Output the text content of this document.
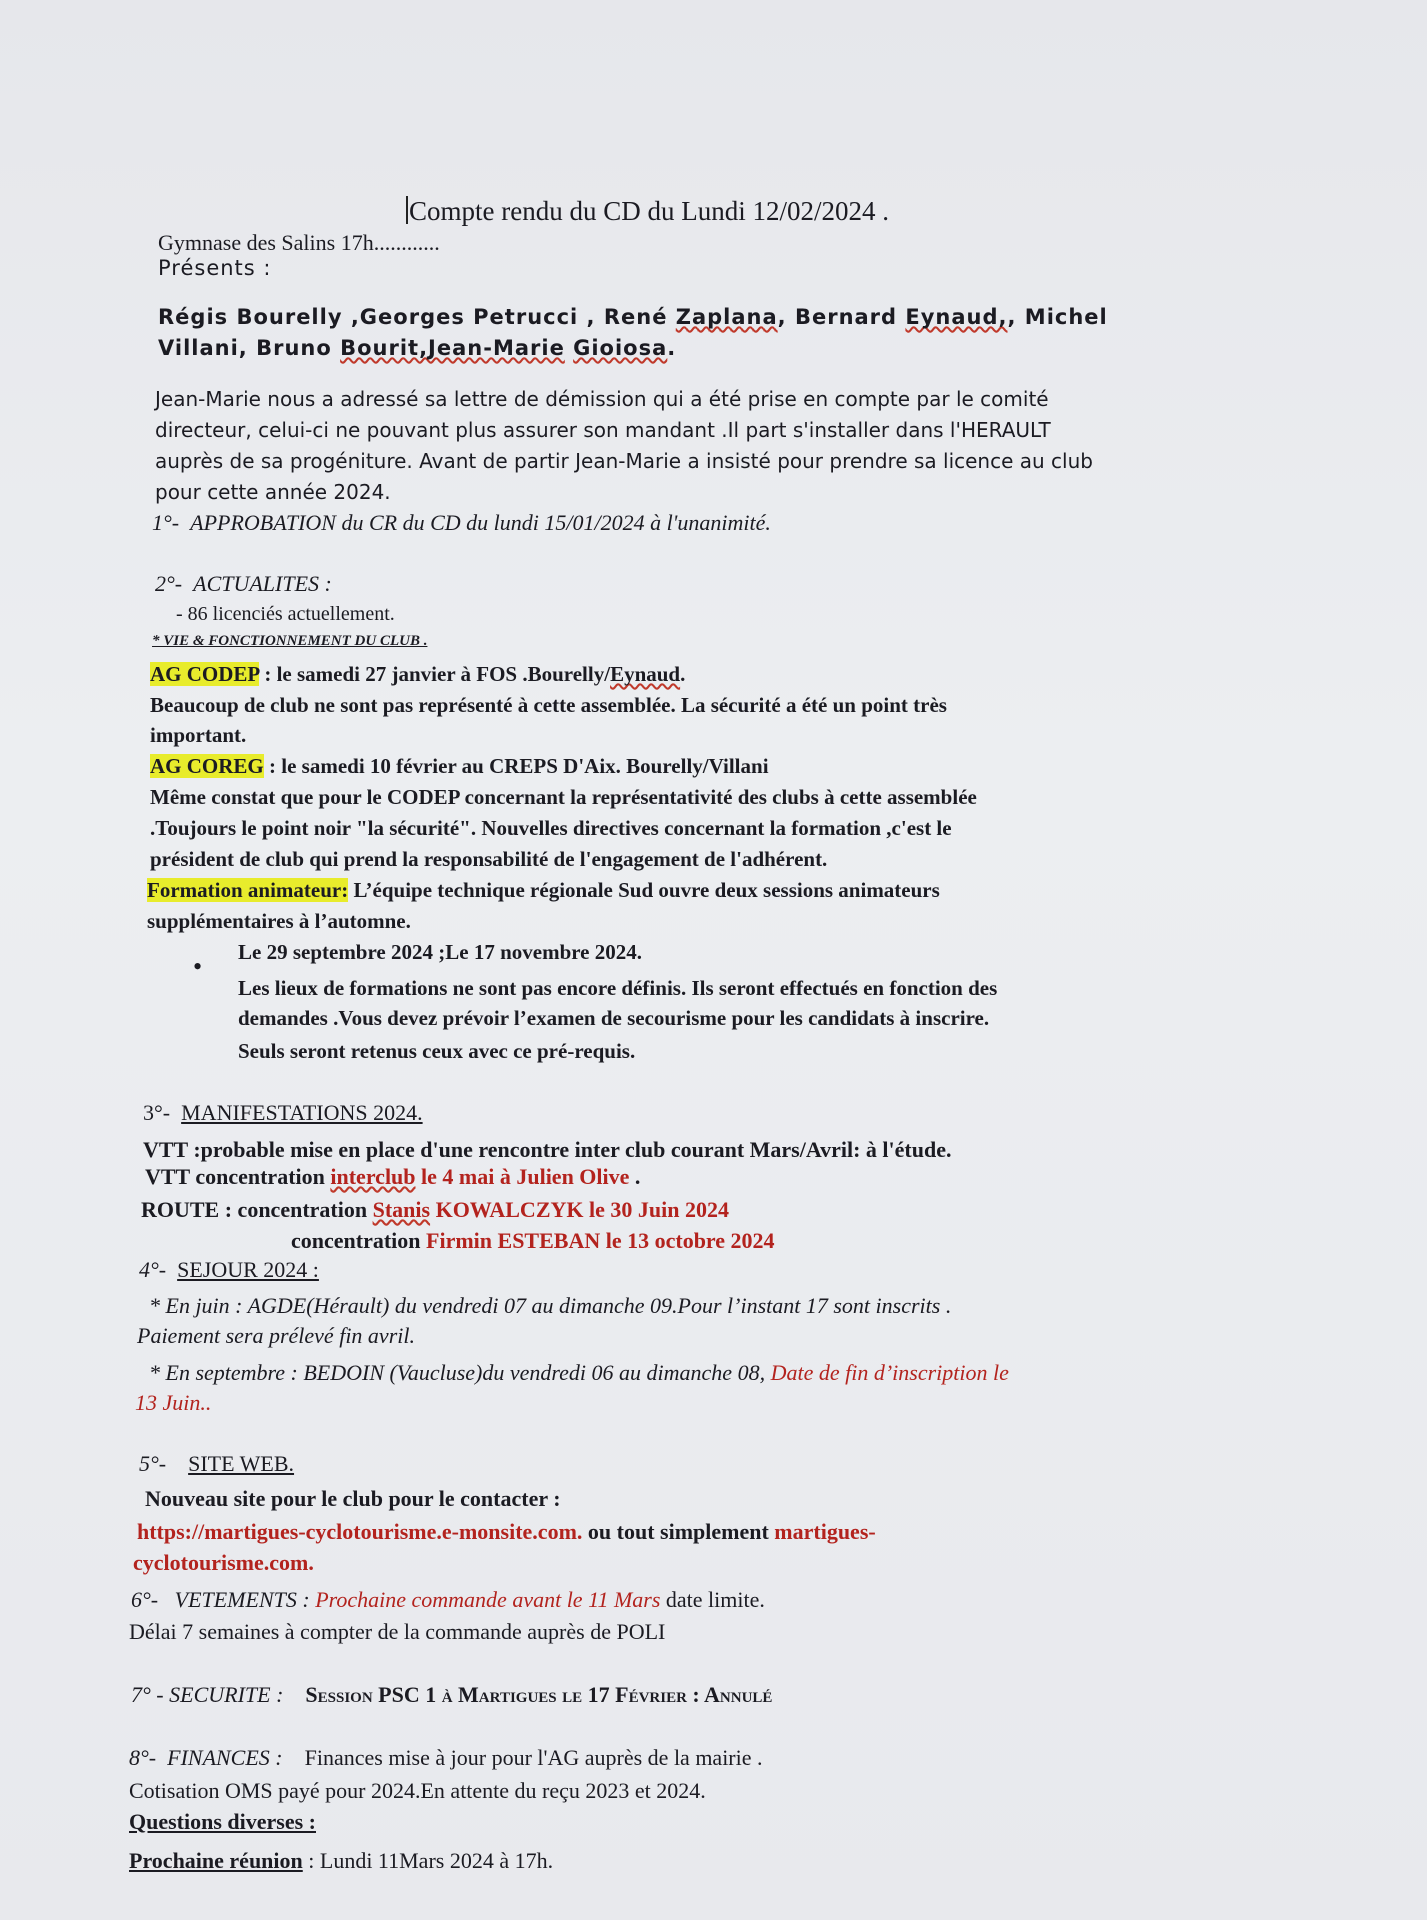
Compte rendu du CD du Lundi 12/02/2024 .
Gymnase des Salins 17h............
Présents :
Régis Bourelly ,Georges Petrucci , René Zaplana, Bernard Eynaud,, Michel
Villani, Bruno Bourit,Jean-Marie Gioiosa.
Jean-Marie nous a adressé sa lettre de démission qui a été prise en compte par le comité
directeur, celui-ci ne pouvant plus assurer son mandant .Il part s'installer dans l'HERAULT
auprès de sa progéniture. Avant de partir Jean-Marie a insisté pour prendre sa licence au club
pour cette année 2024.
1°- APPROBATION du CR du CD du lundi 15/01/2024 à l'unanimité.
2°- ACTUALITES :
- 86 licenciés actuellement.
* VIE & FONCTIONNEMENT DU CLUB .
AG CODEP : le samedi 27 janvier à FOS .Bourelly/Eynaud.
Beaucoup de club ne sont pas représenté à cette assemblée. La sécurité a été un point très
important.
AG COREG : le samedi 10 février au CREPS D'Aix. Bourelly/Villani
Même constat que pour le CODEP concernant la représentativité des clubs à cette assemblée
.Toujours le point noir "la sécurité". Nouvelles directives concernant la formation ,c'est le
président de club qui prend la responsabilité de l'engagement de l'adhérent.
Formation animateur: L’équipe technique régionale Sud ouvre deux sessions animateurs
supplémentaires à l’automne.
• Le 29 septembre 2024 ;Le 17 novembre 2024.
Les lieux de formations ne sont pas encore définis. Ils seront effectués en fonction des
demandes .Vous devez prévoir l’examen de secourisme pour les candidats à inscrire.
Seuls seront retenus ceux avec ce pré-requis.
3°- MANIFESTATIONS 2024.
VTT :probable mise en place d'une rencontre inter club courant Mars/Avril: à l'étude.
VTT concentration interclub le 4 mai à Julien Olive .
ROUTE : concentration Stanis KOWALCZYK le 30 Juin 2024
concentration Firmin ESTEBAN le 13 octobre 2024
4°- SEJOUR 2024 :
* En juin : AGDE(Hérault) du vendredi 07 au dimanche 09.Pour l’instant 17 sont inscrits .
Paiement sera prélevé fin avril.
* En septembre : BEDOIN (Vaucluse)du vendredi 06 au dimanche 08, Date de fin d’inscription le
13 Juin..
5°- SITE WEB.
Nouveau site pour le club pour le contacter :
https://martigues-cyclotourisme.e-monsite.com. ou tout simplement martigues-
cyclotourisme.com.
6°- VETEMENTS : Prochaine commande avant le 11 Mars date limite.
Délai 7 semaines à compter de la commande auprès de POLI
7° - SECURITE : Session PSC 1 à Martigues le 17 Février : Annulé
8°- FINANCES : Finances mise à jour pour l'AG auprès de la mairie .
Cotisation OMS payé pour 2024.En attente du reçu 2023 et 2024.
Questions diverses :
Prochaine réunion : Lundi 11Mars 2024 à 17h.
